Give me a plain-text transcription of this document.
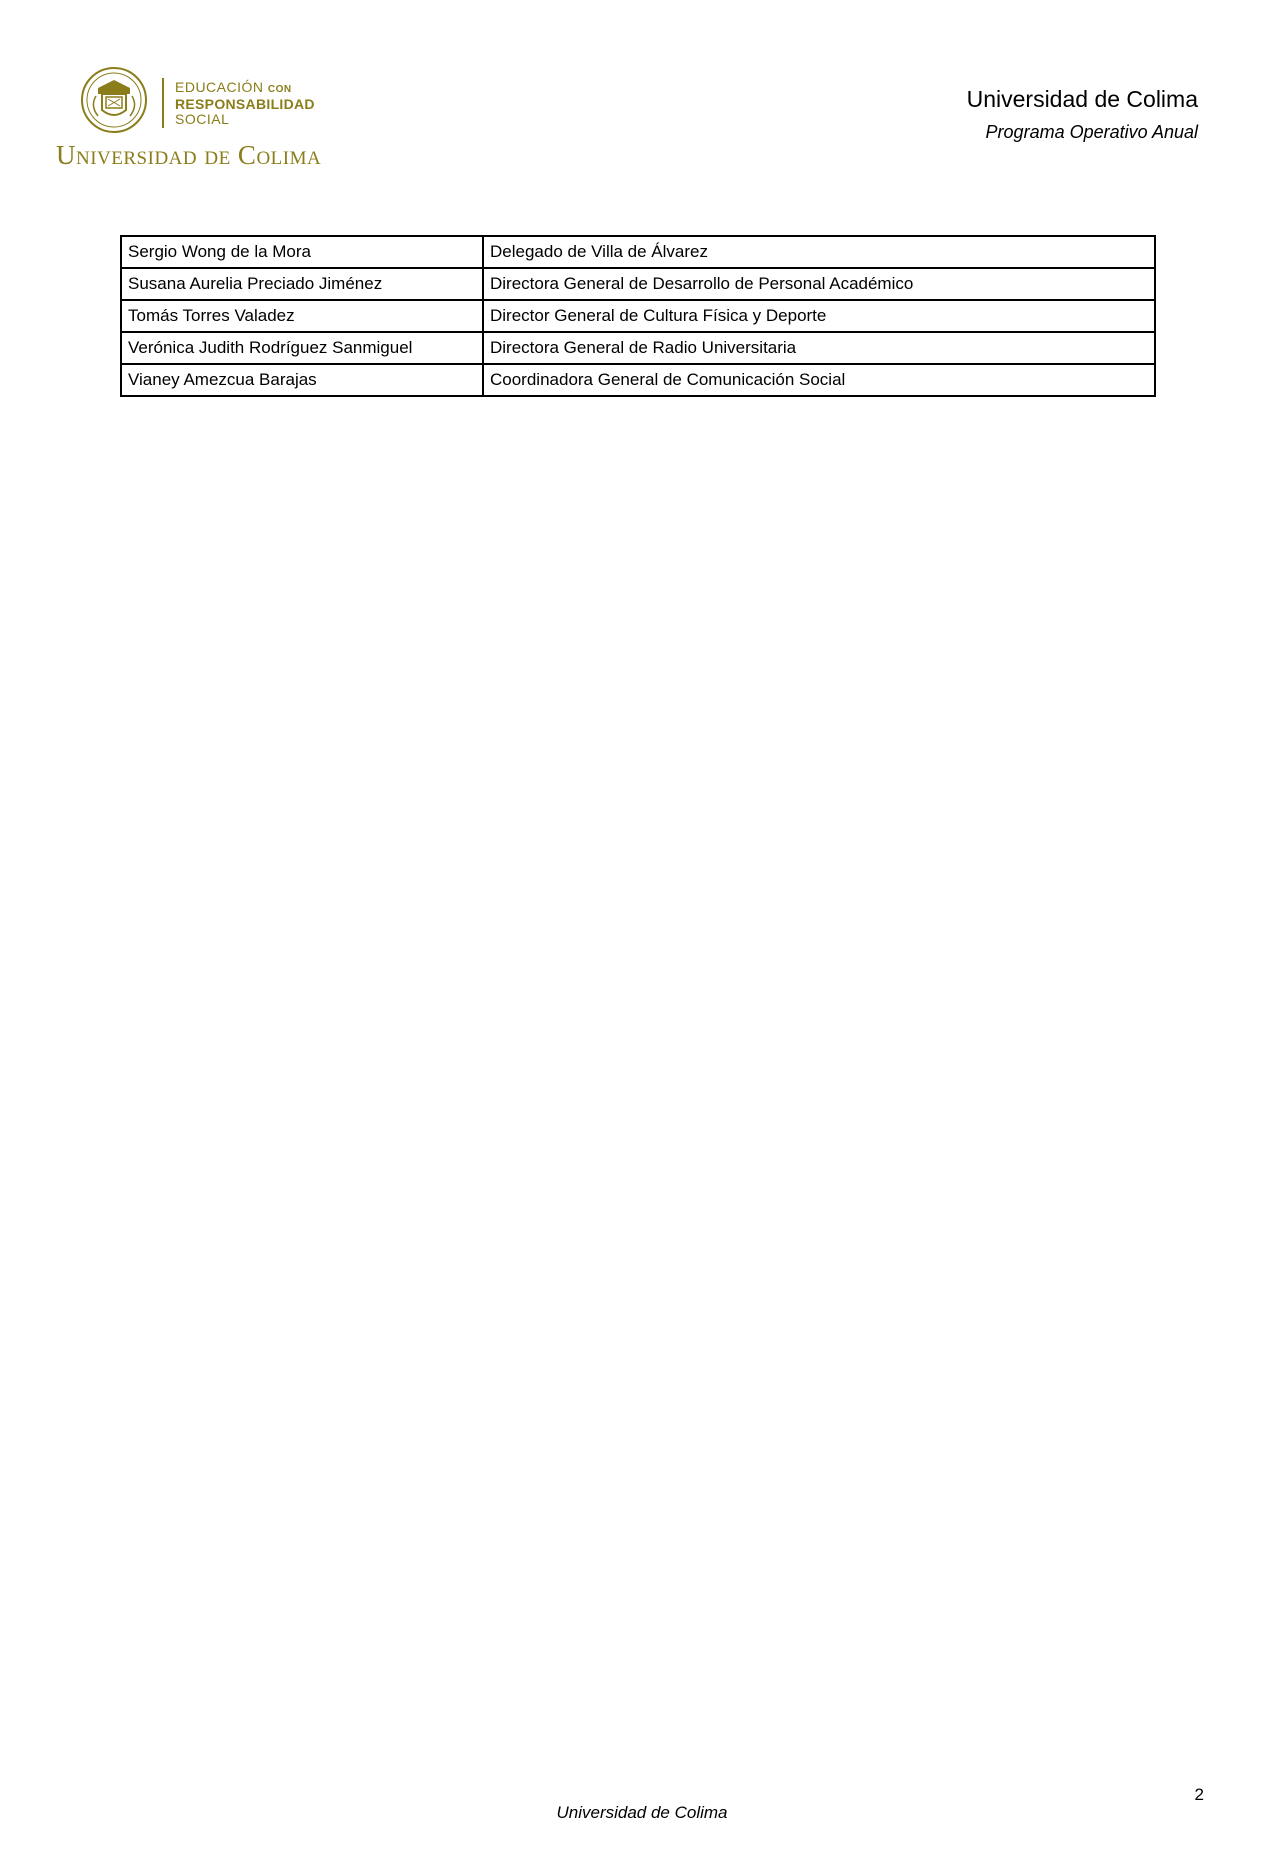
EDUCACIÓN CON
RESPONSABILIDAD
SOCIAL
Universidad de Colima
Universidad de Colima
Programa Operativo Anual
Sergio Wong de la Mora	Delegado de Villa de Álvarez
Susana Aurelia Preciado Jiménez	Directora General de Desarrollo de Personal Académico
Tomás Torres Valadez	Director General de Cultura Física y Deporte
Verónica Judith Rodríguez Sanmiguel	Directora General de Radio Universitaria
Vianey Amezcua Barajas	Coordinadora General de Comunicación Social
2
Universidad de Colima
